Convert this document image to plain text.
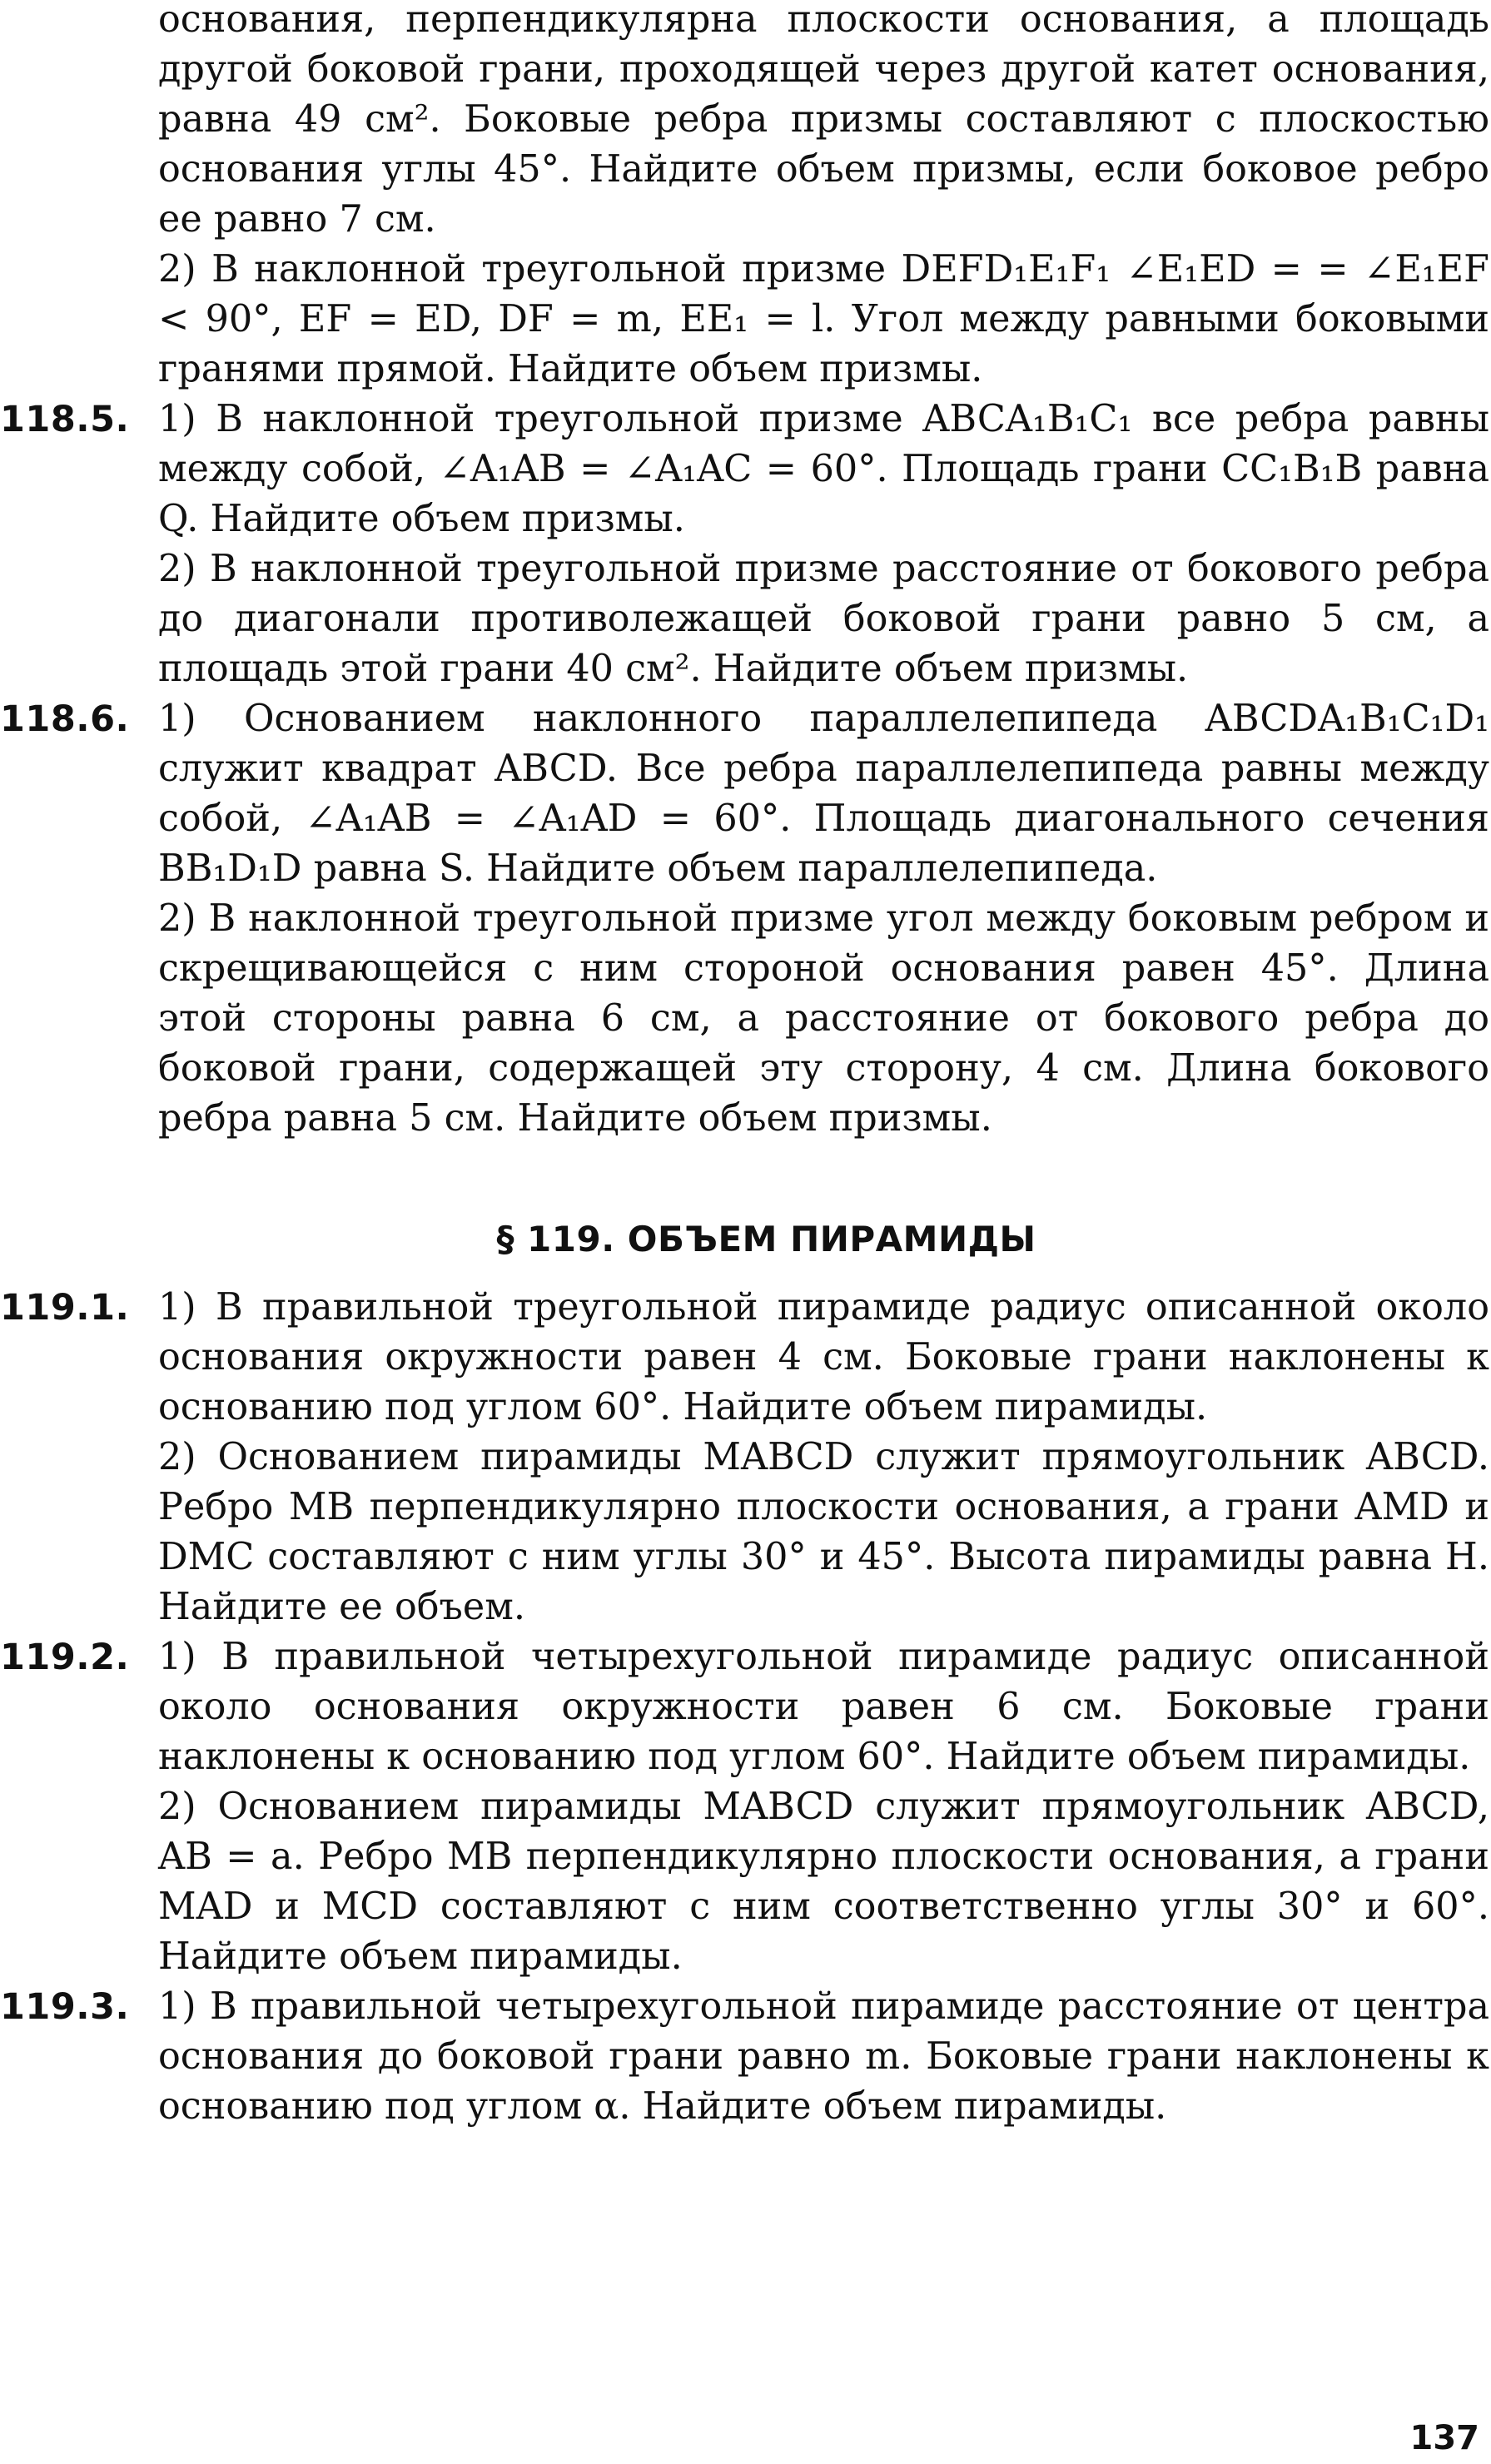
основания, перпендикулярна плоскости основания, а площадь другой боковой грани, проходящей через другой катет основания, равна 49 см². Боковые ребра призмы составляют с плоскостью основания углы 45°. Найдите объем призмы, если боковое ребро ее равно 7 см.

2) В наклонной треугольной призме DEFD₁E₁F₁ ∠E₁ED = = ∠E₁EF < 90°, EF = ED, DF = m, EE₁ = l. Угол между равными боковыми гранями прямой. Найдите объем призмы.

118.5. 1) В наклонной треугольной призме ABCA₁B₁C₁ все ребра равны между собой, ∠A₁AB = ∠A₁AC = 60°. Площадь грани CC₁B₁B равна Q. Найдите объем призмы.

2) В наклонной треугольной призме расстояние от бокового ребра до диагонали противолежащей боковой грани равно 5 см, а площадь этой грани 40 см². Найдите объем призмы.

118.6. 1) Основанием наклонного параллелепипеда ABCDA₁B₁C₁D₁ служит квадрат ABCD. Все ребра параллелепипеда равны между собой, ∠A₁AB = ∠A₁AD = 60°. Площадь диагонального сечения BB₁D₁D равна S. Найдите объем параллелепипеда.

2) В наклонной треугольной призме угол между боковым ребром и скрещивающейся с ним стороной основания равен 45°. Длина этой стороны равна 6 см, а расстояние от бокового ребра до боковой грани, содержащей эту сторону, 4 см. Длина бокового ребра равна 5 см. Найдите объем призмы.

§ 119. ОБЪЕМ ПИРАМИДЫ
119.1. 1) В правильной треугольной пирамиде радиус описанной около основания окружности равен 4 см. Боковые грани наклонены к основанию под углом 60°. Найдите объем пирамиды.

2) Основанием пирамиды MABCD служит прямоугольник ABCD. Ребро MB перпендикулярно плоскости основания, а грани AMD и DMC составляют с ним углы 30° и 45°. Высота пирамиды равна H. Найдите ее объем.

119.2. 1) В правильной четырехугольной пирамиде радиус описанной около основания окружности равен 6 см. Боковые грани наклонены к основанию под углом 60°. Найдите объем пирамиды.

2) Основанием пирамиды MABCD служит прямоугольник ABCD, AB = a. Ребро MB перпендикулярно плоскости основания, а грани MAD и MCD составляют с ним соответственно углы 30° и 60°. Найдите объем пирамиды.

119.3. 1) В правильной четырехугольной пирамиде расстояние от центра основания до боковой грани равно m. Боковые грани наклонены к основанию под углом α. Найдите объем пирамиды.

137
